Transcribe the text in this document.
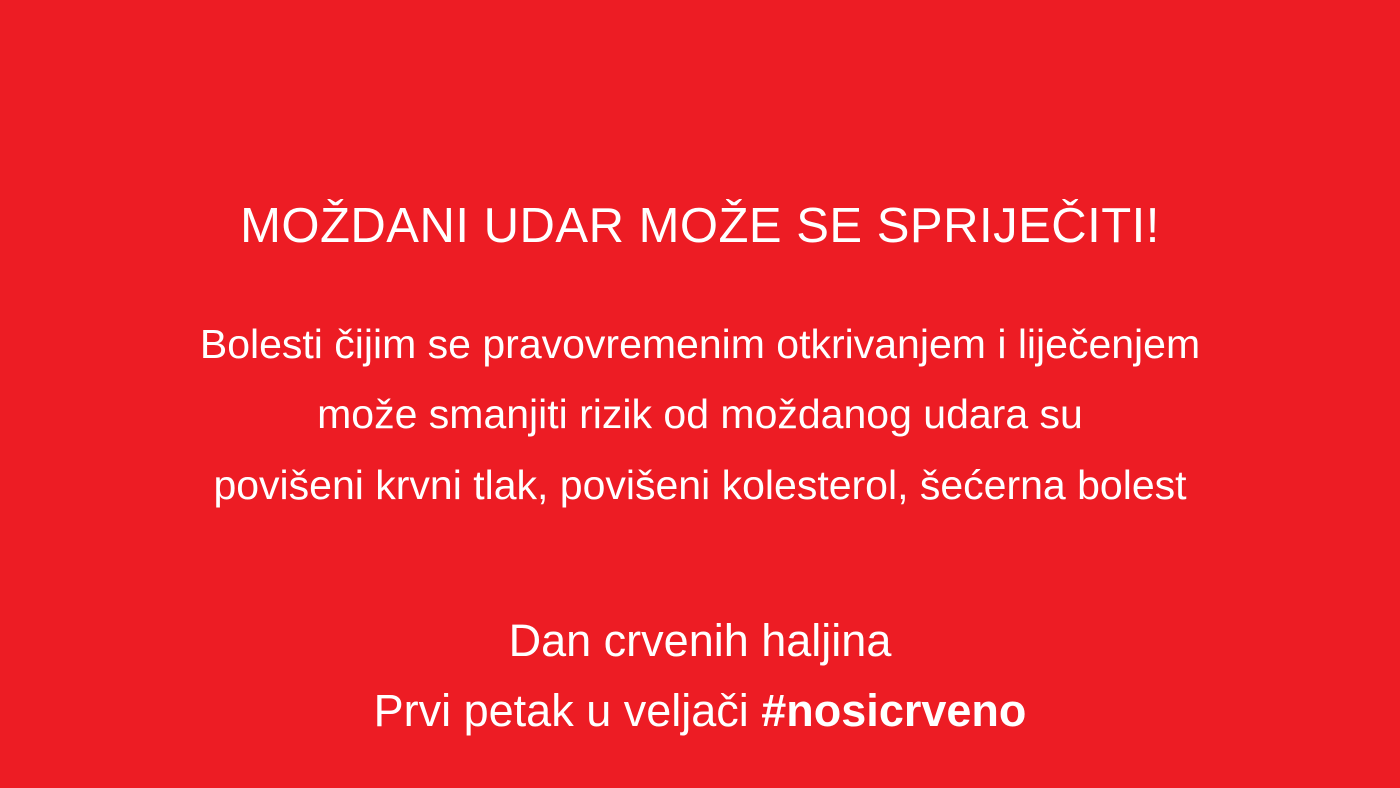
MOŽDANI UDAR MOŽE SE SPRIJEČITI!
Bolesti čijim se pravovremenim otkrivanjem i liječenjem
može smanjiti rizik od moždanog udara su
povišeni krvni tlak, povišeni kolesterol, šećerna bolest
Dan crvenih haljina
Prvi petak u veljači #nosicrveno
